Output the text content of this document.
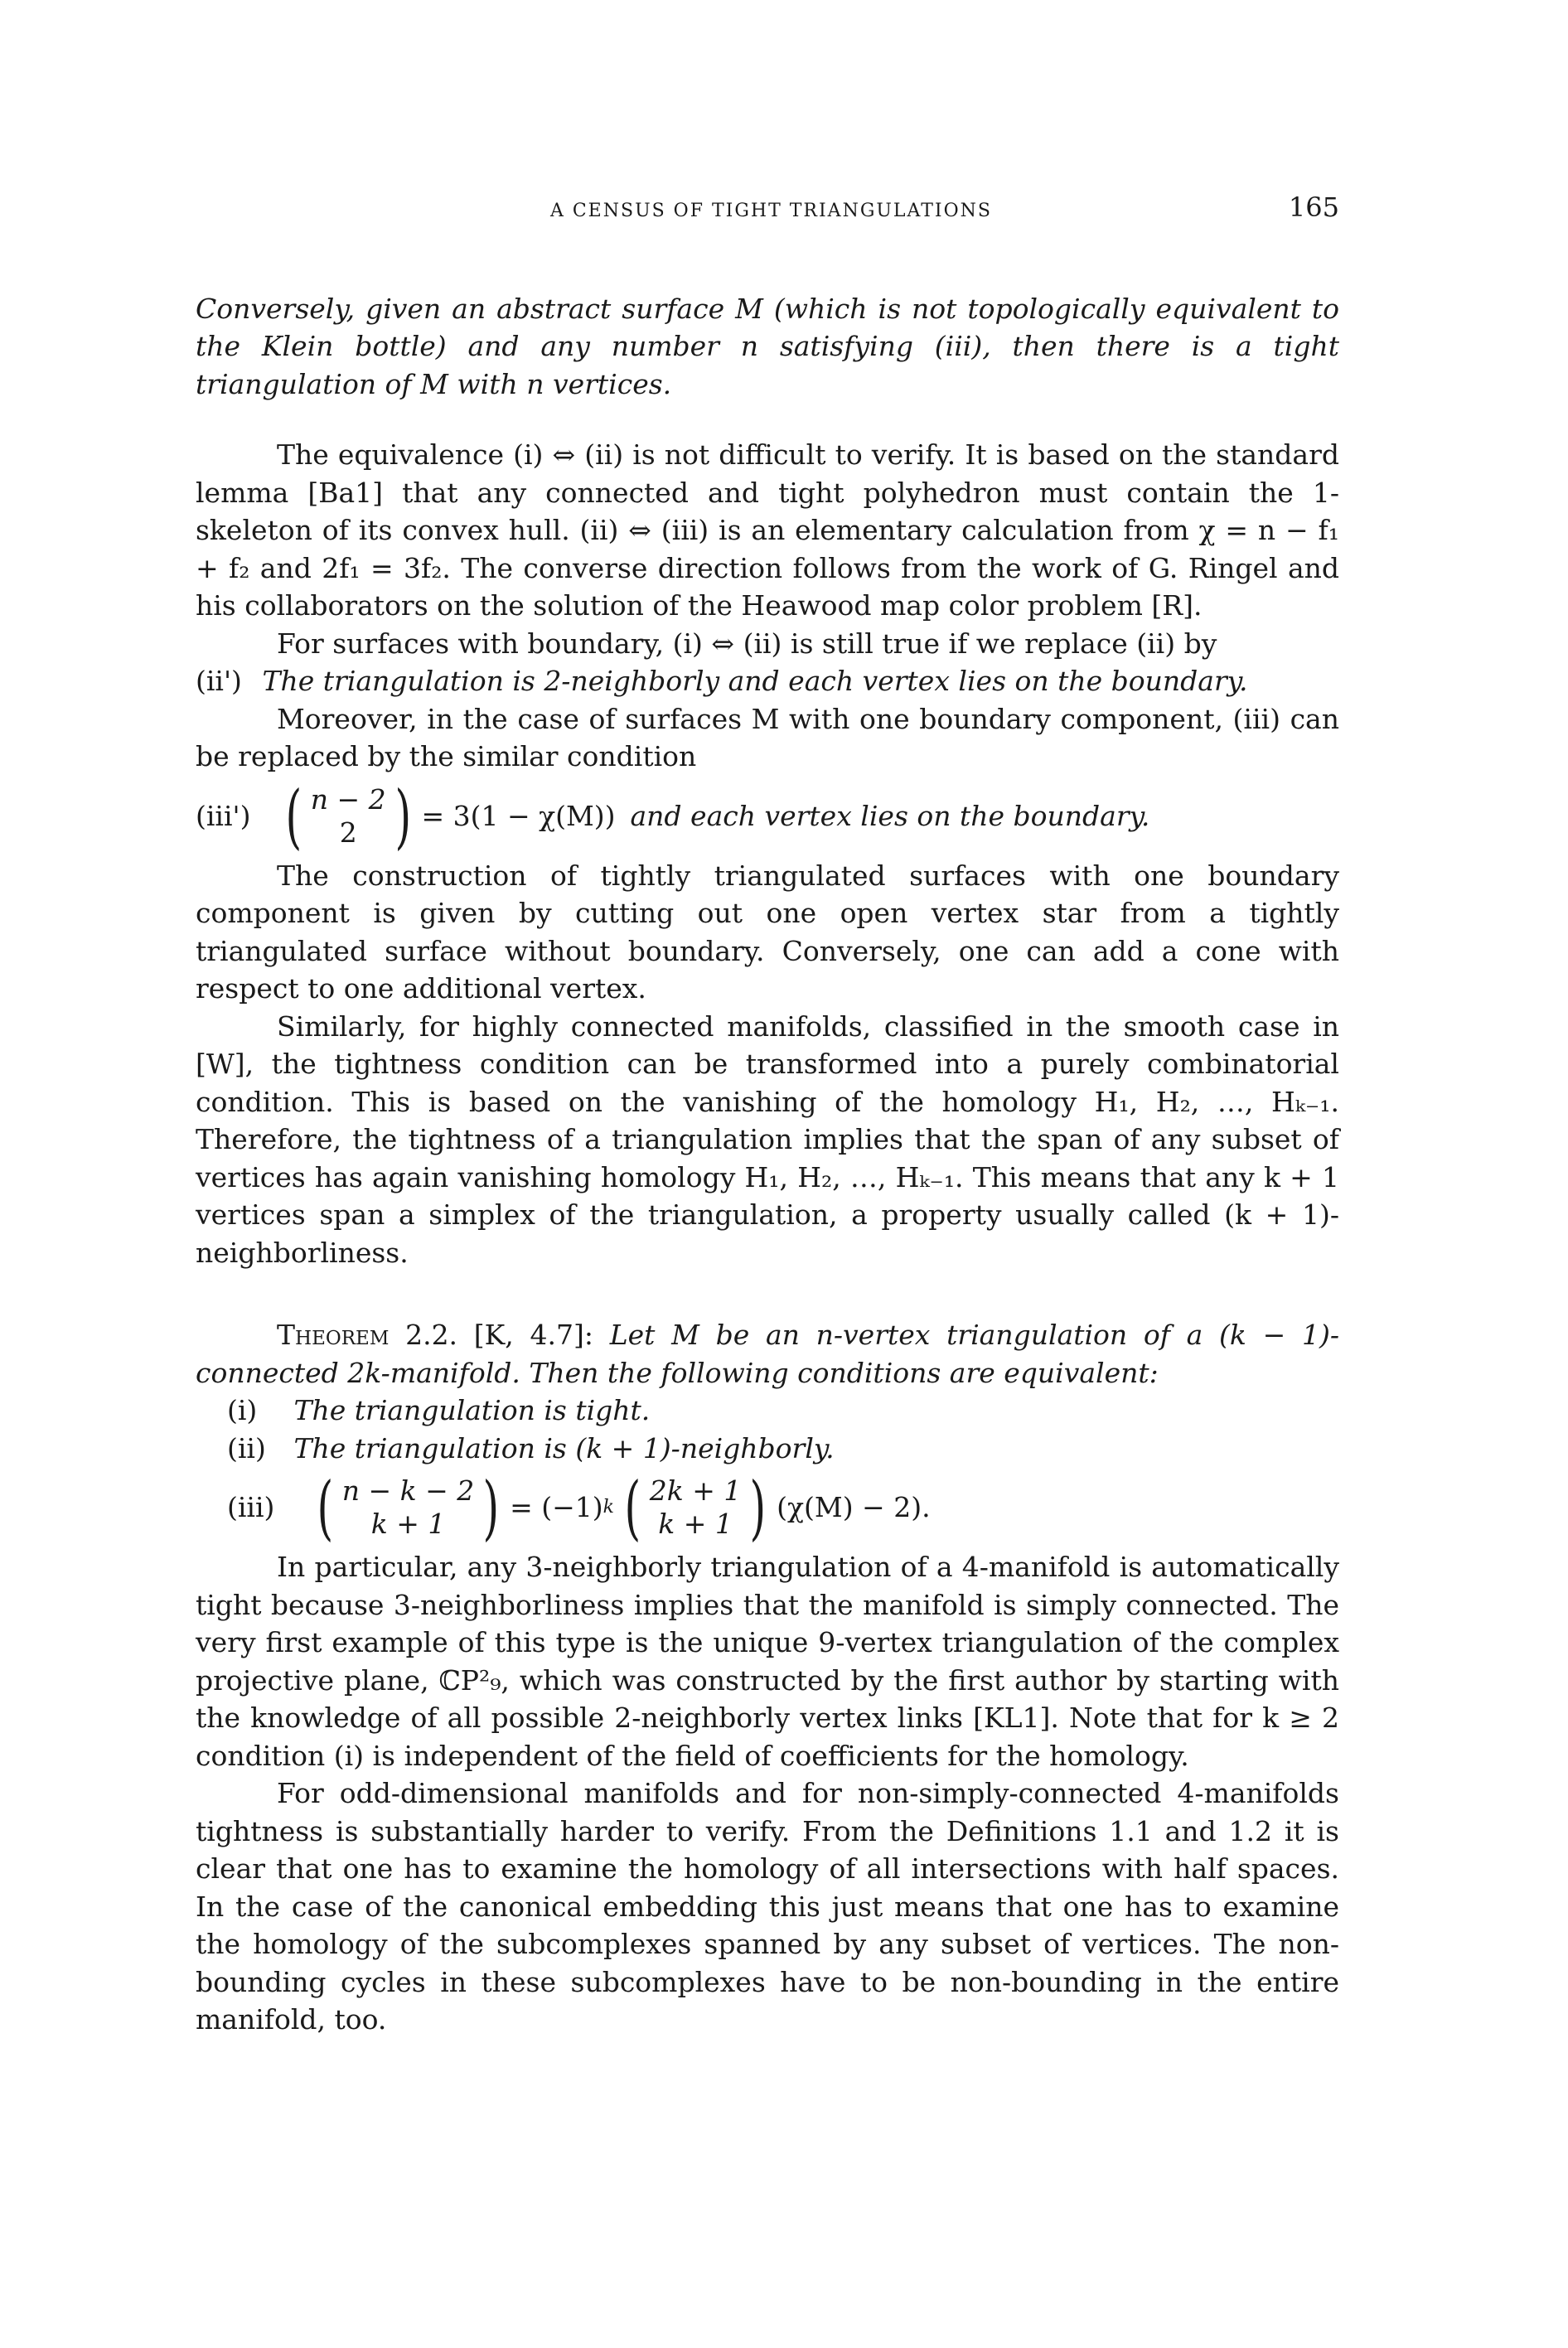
A CENSUS OF TIGHT TRIANGULATIONS	165

Conversely, given an abstract surface M (which is not topologically equivalent to the Klein bottle) and any number n satisfying (iii), then there is a tight triangulation of M with n vertices.

The equivalence (i) ⇔ (ii) is not difficult to verify. It is based on the standard lemma [Ba1] that any connected and tight polyhedron must contain the 1-skeleton of its convex hull. (ii) ⇔ (iii) is an elementary calculation from χ = n − f₁ + f₂ and 2f₁ = 3f₂. The converse direction follows from the work of G. Ringel and his collaborators on the solution of the Heawood map color problem [R].

For surfaces with boundary, (i) ⇔ (ii) is still true if we replace (ii) by

(ii') The triangulation is 2-neighborly and each vertex lies on the boundary.

Moreover, in the case of surfaces M with one boundary component, (iii) can be replaced by the similar condition

(iii') ( n − 2
2 ) = 3(1 − χ(M)) and each vertex lies on the boundary.

The construction of tightly triangulated surfaces with one boundary component is given by cutting out one open vertex star from a tightly triangulated surface without boundary. Conversely, one can add a cone with respect to one additional vertex.

Similarly, for highly connected manifolds, classified in the smooth case in [W], the tightness condition can be transformed into a purely combinatorial condition. This is based on the vanishing of the homology H₁, H₂, …, Hₖ₋₁. Therefore, the tightness of a triangulation implies that the span of any subset of vertices has again vanishing homology H₁, H₂, …, Hₖ₋₁. This means that any k + 1 vertices span a simplex of the triangulation, a property usually called (k + 1)-neighborliness.

Theorem 2.2. [K, 4.7]: Let M be an n-vertex triangulation of a (k − 1)-connected 2k-manifold. Then the following conditions are equivalent:

(i) The triangulation is tight.

(ii) The triangulation is (k + 1)-neighborly.

(iii) ( n − k − 2
k + 1 ) = (−1) k ( 2k + 1
k + 1 ) (χ(M) − 2).

In particular, any 3-neighborly triangulation of a 4-manifold is automatically tight because 3-neighborliness implies that the manifold is simply connected. The very first example of this type is the unique 9-vertex triangulation of the complex projective plane, ℂP²₉, which was constructed by the first author by starting with the knowledge of all possible 2-neighborly vertex links [KL1]. Note that for k ≥ 2 condition (i) is independent of the field of coefficients for the homology.

For odd-dimensional manifolds and for non-simply-connected 4-manifolds tightness is substantially harder to verify. From the Definitions 1.1 and 1.2 it is clear that one has to examine the homology of all intersections with half spaces. In the case of the canonical embedding this just means that one has to examine the homology of the subcomplexes spanned by any subset of vertices. The non-bounding cycles in these subcomplexes have to be non-bounding in the entire manifold, too.
